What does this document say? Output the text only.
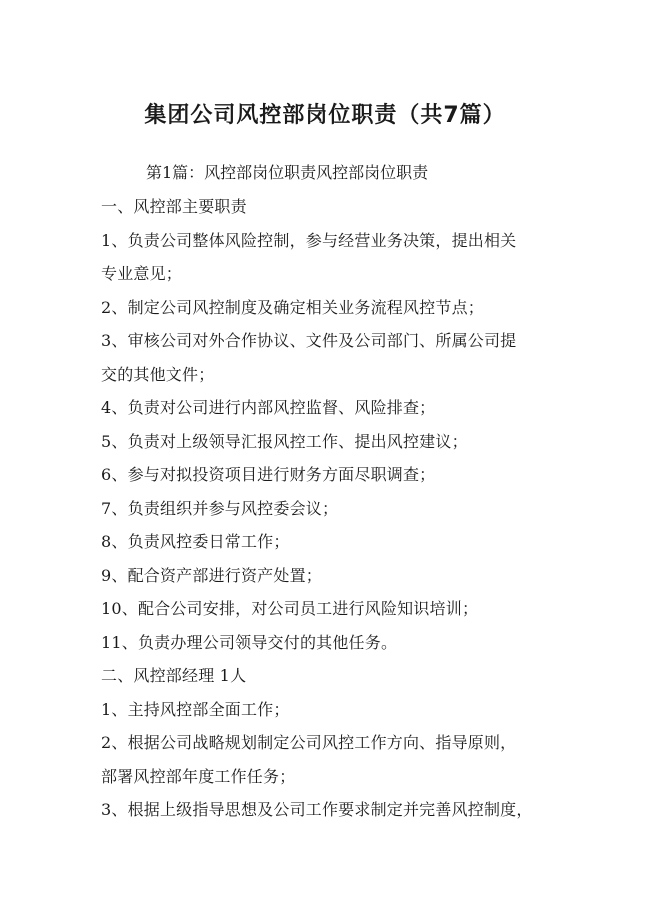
集团公司风控部岗位职责（共7篇）

第1篇：风控部岗位职责风控部岗位职责

一、风控部主要职责
1、负责公司整体风险控制，参与经营业务决策，提出相关
专业意见；
2、制定公司风控制度及确定相关业务流程风控节点；
3、审核公司对外合作协议、文件及公司部门、所属公司提
交的其他文件；
4、负责对公司进行内部风控监督、风险排查；
5、负责对上级领导汇报风控工作、提出风控建议；
6、参与对拟投资项目进行财务方面尽职调查；
7、负责组织并参与风控委会议；
8、负责风控委日常工作；
9、配合资产部进行资产处置；
10、配合公司安排，对公司员工进行风险知识培训；
11、负责办理公司领导交付的其他任务。
二、风控部经理 1人
1、主持风控部全面工作；
2、根据公司战略规划制定公司风控工作方向、指导原则，
部署风控部年度工作任务；
3、根据上级指导思想及公司工作要求制定并完善风控制度，
